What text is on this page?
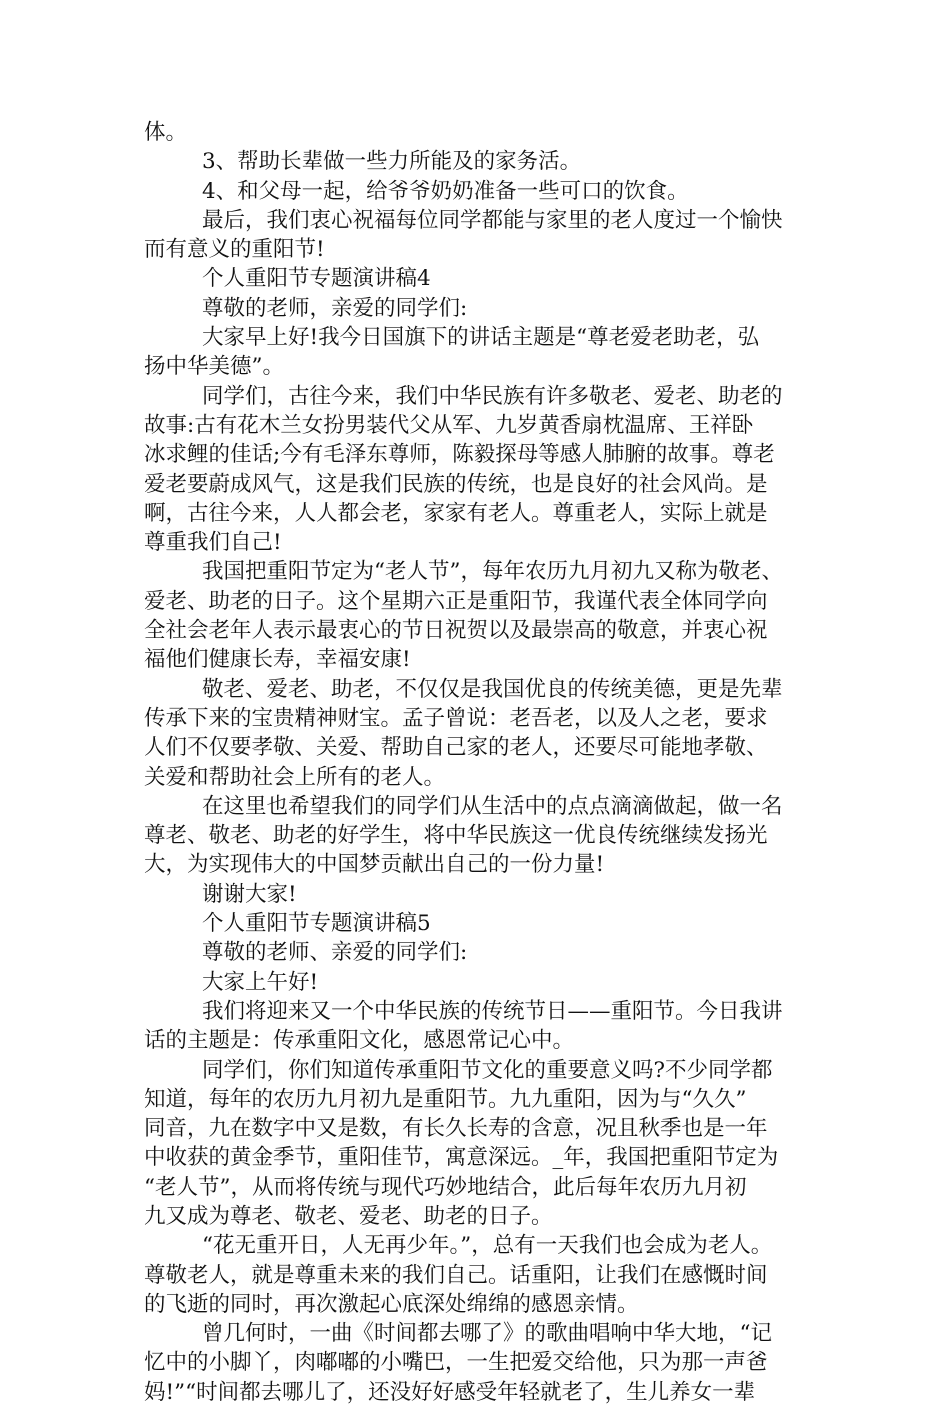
体。

3、帮助长辈做一些力所能及的家务活。

4、和父母一起，给爷爷奶奶准备一些可口的饮食。

最后，我们衷心祝福每位同学都能与家里的老人度过一个愉快

而有意义的重阳节!

个人重阳节专题演讲稿4

尊敬的老师，亲爱的同学们:

大家早上好!我今日国旗下的讲话主题是“尊老爱老助老，弘

扬中华美德”。

同学们，古往今来，我们中华民族有许多敬老、爱老、助老的

故事:古有花木兰女扮男装代父从军、九岁黄香扇枕温席、王祥卧

冰求鲤的佳话;今有毛泽东尊师，陈毅探母等感人肺腑的故事。尊老

爱老要蔚成风气，这是我们民族的传统，也是良好的社会风尚。是

啊，古往今来，人人都会老，家家有老人。尊重老人，实际上就是

尊重我们自己!

我国把重阳节定为“老人节”，每年农历九月初九又称为敬老、

爱老、助老的日子。这个星期六正是重阳节，我谨代表全体同学向

全社会老年人表示最衷心的节日祝贺以及最崇高的敬意，并衷心祝

福他们健康长寿，幸福安康!

敬老、爱老、助老，不仅仅是我国优良的传统美德，更是先辈

传承下来的宝贵精神财宝。孟子曾说：老吾老，以及人之老，要求

人们不仅要孝敬、关爱、帮助自己家的老人，还要尽可能地孝敬、

关爱和帮助社会上所有的老人。

在这里也希望我们的同学们从生活中的点点滴滴做起，做一名

尊老、敬老、助老的好学生，将中华民族这一优良传统继续发扬光

大，为实现伟大的中国梦贡献出自己的一份力量!

谢谢大家!

个人重阳节专题演讲稿5

尊敬的老师、亲爱的同学们:

大家上午好!

我们将迎来又一个中华民族的传统节日——重阳节。今日我讲

话的主题是：传承重阳文化，感恩常记心中。

同学们，你们知道传承重阳节文化的重要意义吗?不少同学都

知道，每年的农历九月初九是重阳节。九九重阳，因为与“久久”

同音，九在数字中又是数，有长久长寿的含意，况且秋季也是一年

中收获的黄金季节，重阳佳节，寓意深远。_年，我国把重阳节定为

“老人节”，从而将传统与现代巧妙地结合，此后每年农历九月初

九又成为尊老、敬老、爱老、助老的日子。

“花无重开日，人无再少年。”，总有一天我们也会成为老人。

尊敬老人，就是尊重未来的我们自己。话重阳，让我们在感慨时间

的飞逝的同时，再次激起心底深处绵绵的感恩亲情。

曾几何时，一曲《时间都去哪了》的歌曲唱响中华大地，“记

忆中的小脚丫，肉嘟嘟的小嘴巴，一生把爱交给他，只为那一声爸

妈!”“时间都去哪儿了，还没好好感受年轻就老了，生儿养女一辈
